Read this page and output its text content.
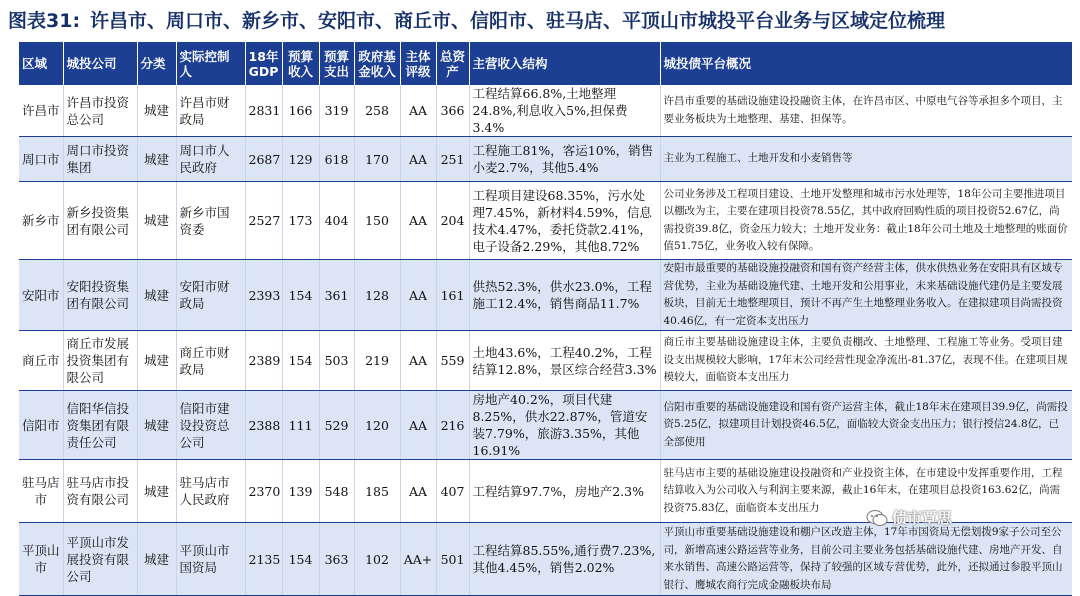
图表31: 许昌市、周口市、新乡市、安阳市、商丘市、信阳市、驻马店、平顶山市城投平台业务与区域定位梳理
区域	城投公司	分类	实际控制人	18年GDP	预算收入	预算支出	政府基金收入	主体评级	总资产	主营收入结构	城投债平台概况
许昌市	许昌市投资总公司	城建	许昌市财政局	2831	166	319	258	AA	366	工程结算66.8%,土地整理24.8%,利息收入5%,担保费3.4%	许昌市重要的基础设施建设投融资主体，在许昌市区、中原电气谷等承担多个项目，主要业务板块为土地整理、基建、担保等。
周口市	周口市投资集团	城建	周口市人民政府	2687	129	618	170	AA	251	工程施工81%，客运10%，销售小麦2.7%，其他5.4%	主业为工程施工、土地开发和小麦销售等
新乡市	新乡投资集团有限公司	城建	新乡市国资委	2527	173	404	150	AA	204	工程项目建设68.35%，污水处理7.45%，新材料4.59%，信息技术4.47%，委托贷款2.41%，电子设备2.29%，其他8.72%	公司业务涉及工程项目建设、土地开发整理和城市污水处理等，18年公司主要推进项目以棚改为主，主要在建项目投资78.55亿，其中政府回购性质的项目投资52.67亿，尚需投资39.8亿，资金压力较大；土地开发业务：截止18年公司土地及土地整理的账面价值51.75亿，业务收入较有保障。
安阳市	安阳投资集团有限公司	城建	安阳市财政局	2393	154	361	128	AA	161	供热52.3%，供水23.0%，工程施工12.4%，销售商品11.7%	安阳市最重要的基础设施投融资和国有资产经营主体，供水供热业务在安阳具有区域专营优势，主业为基础设施代建、土地开发和公用事业，未来基础设施代建仍是主要发展板块，目前无土地整理项目，预计不再产生土地整理业务收入。在建拟建项目尚需投资40.46亿，有一定资本支出压力
商丘市	商丘市发展投资集团有限公司	城建	商丘市财政局	2389	154	503	219	AA	559	土地43.6%，工程40.2%，工程结算12.8%，景区综合经营3.3%	商丘市主要基础设施建设主体，主要负责棚改、土地整理、工程施工等业务。受项目建设支出规模较大影响，17年末公司经营性现金净流出-81.37亿，表现不佳。在建项目规模较大，面临资本支出压力
信阳市	信阳华信投资集团有限责任公司	城建	信阳市建设投资总公司	2388	111	529	120	AA	216	房地产40.2%，项目代建8.25%，供水22.87%，管道安装7.79%，旅游3.35%，其他16.91%	信阳市重要的基础设施建设和国有资产运营主体，截止18年末在建项目39.9亿，尚需投资5.25亿，拟建项目计划投资46.5亿，面临较大资金支出压力；银行授信24.8亿，已全部使用
驻马店市	驻马店市投资有限公司	城建	驻马店市人民政府	2370	139	548	185	AA	407	工程结算97.7%，房地产2.3%	驻马店市主要的基础设施建设投融资和产业投资主体，在市建设中发挥重要作用，工程结算收入为公司收入与利润主要来源，截止16年末，在建项目总投资163.62亿，尚需投资75.83亿，面临资本支出压力
平顶山市	平顶山市发展投资有限公司	城建	平顶山市国资局	2135	154	363	102	AA+	501	工程结算85.55%,通行费7.23%,其他4.45%，销售2.02%	平顶山市重要基础设施建设和棚户区改造主体，17年市国资局无偿划拨9家子公司至公司，新增高速公路运营等业务，目前公司主要业务包括基础设施代建、房地产开发、自来水销售、高速公路运营等，保持了较强的区域专营优势，此外，还拟通过参股平顶山银行、鹰城农商行完成金融板块布局
债市覃思
